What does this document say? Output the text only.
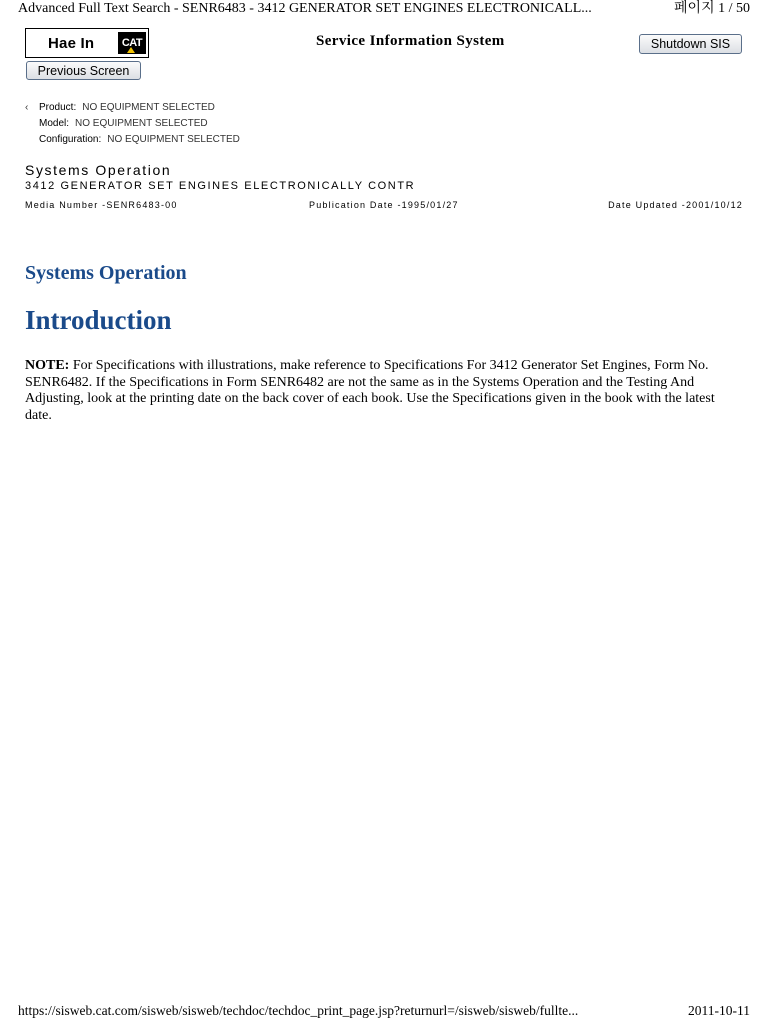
Advanced Full Text Search - SENR6483 - 3412 GENERATOR SET ENGINES ELECTRONICALL...	페이지 1 / 50
Hae In	CAT	Service Information System	Shutdown SIS
Previous Screen
‹︎	Product: NO EQUIPMENT SELECTED
Model: NO EQUIPMENT SELECTED
Configuration: NO EQUIPMENT SELECTED
Systems Operation
3412 GENERATOR SET ENGINES ELECTRONICALLY CONTR
Media Number -SENR6483-00	Publication Date -1995/01/27	Date Updated -2001/10/12
Systems Operation
Introduction

NOTE: For Specifications with illustrations, make reference to Specifications For 3412 Generator Set Engines, Form No. SENR6482. If the Specifications in Form SENR6482 are not the same as in the Systems Operation and the Testing And Adjusting, look at the printing date on the back cover of each book. Use the Specifications given in the book with the latest date.

https://sisweb.cat.com/sisweb/sisweb/techdoc/techdoc_print_page.jsp?returnurl=/sisweb/sisweb/fullte...	2011-10-11
